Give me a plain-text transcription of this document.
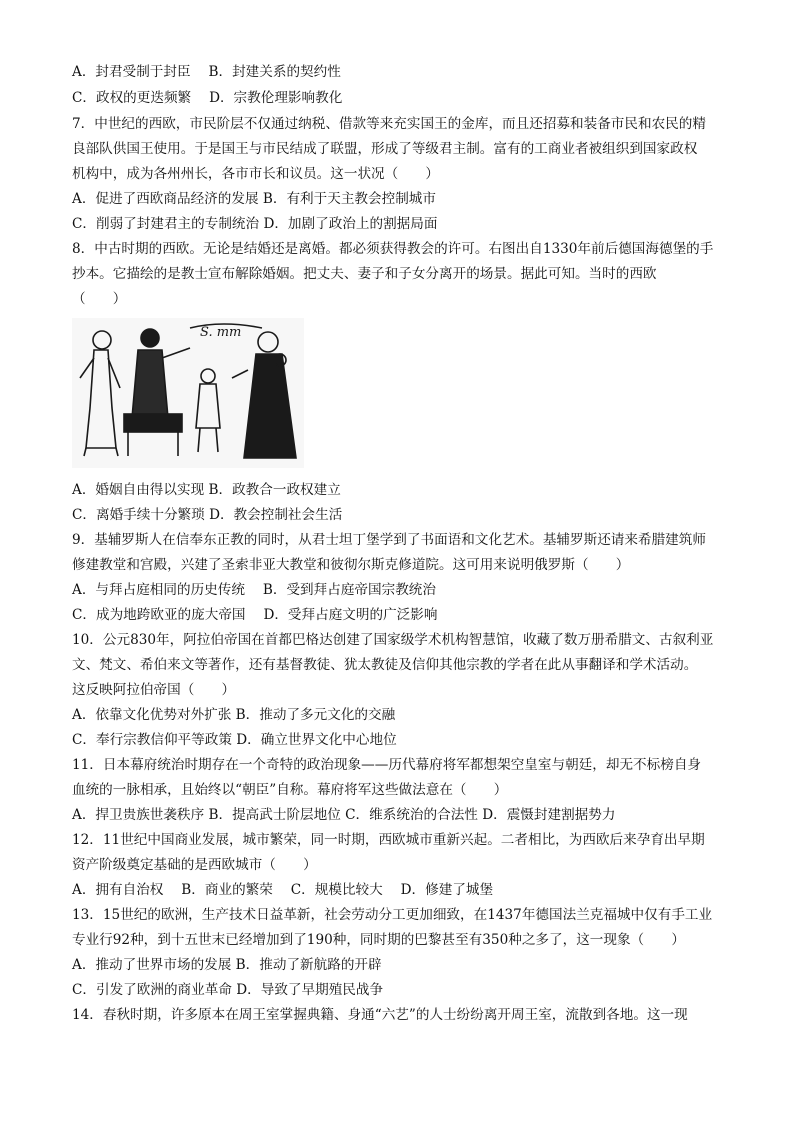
A．封君受制于封臣　 B．封建关系的契约性
C．政权的更迭频繁　 D．宗教伦理影响教化
7．中世纪的西欧，市民阶层不仅通过纳税、借款等来充实国王的金库，而且还招募和装备市民和农民的精
良部队供国王使用。于是国王与市民结成了联盟，形成了等级君主制。富有的工商业者被组织到国家政权
机构中，成为各州州长，各市市长和议员。这一状况（　　）
A．促进了西欧商品经济的发展 B．有利于天主教会控制城市
C．削弱了封建君主的专制统治 D．加剧了政治上的割据局面
8．中古时期的西欧。无论是结婚还是离婚。都必须获得教会的许可。右图出自1330年前后德国海德堡的手
抄本。它描绘的是教士宣布解除婚姻。把丈夫、妻子和子女分离开的场景。据此可知。当时的西欧
（　　）
S. mm
A．婚姻自由得以实现 B．政教合一政权建立
C．离婚手续十分繁琐 D．教会控制社会生活
9．基辅罗斯人在信奉东正教的同时，从君士坦丁堡学到了书面语和文化艺术。基辅罗斯还请来希腊建筑师
修建教堂和宫殿，兴建了圣索非亚大教堂和彼彻尔斯克修道院。这可用来说明俄罗斯（　　）
A．与拜占庭相同的历史传统　 B．受到拜占庭帝国宗教统治
C．成为地跨欧亚的庞大帝国　 D．受拜占庭文明的广泛影响
10．公元830年，阿拉伯帝国在首都巴格达创建了国家级学术机构智慧馆，收藏了数万册希腊文、古叙利亚
文、梵文、希伯来文等著作，还有基督教徒、犹太教徒及信仰其他宗教的学者在此从事翻译和学术活动。
这反映阿拉伯帝国（　　）
A．依靠文化优势对外扩张 B．推动了多元文化的交融
C．奉行宗教信仰平等政策 D．确立世界文化中心地位
11．日本幕府统治时期存在一个奇特的政治现象——历代幕府将军都想架空皇室与朝廷，却无不标榜自身
血统的一脉相承，且始终以“朝臣”自称。幕府将军这些做法意在（　　）
A．捍卫贵族世袭秩序 B．提高武士阶层地位 C．维系统治的合法性 D．震慑封建割据势力
12．11世纪中国商业发展，城市繁荣，同一时期，西欧城市重新兴起。二者相比，为西欧后来孕育出早期
资产阶级奠定基础的是西欧城市（　　）
A．拥有自治权　 B．商业的繁荣　 C．规模比较大　 D．修建了城堡
13．15世纪的欧洲，生产技术日益革新，社会劳动分工更加细致，在1437年德国法兰克福城中仅有手工业
专业行92种，到十五世末已经增加到了190种，同时期的巴黎甚至有350种之多了，这一现象（　　）
A．推动了世界市场的发展 B．推动了新航路的开辟
C．引发了欧洲的商业革命 D．导致了早期殖民战争
14．春秋时期，许多原本在周王室掌握典籍、身通“六艺”的人士纷纷离开周王室，流散到各地。这一现
